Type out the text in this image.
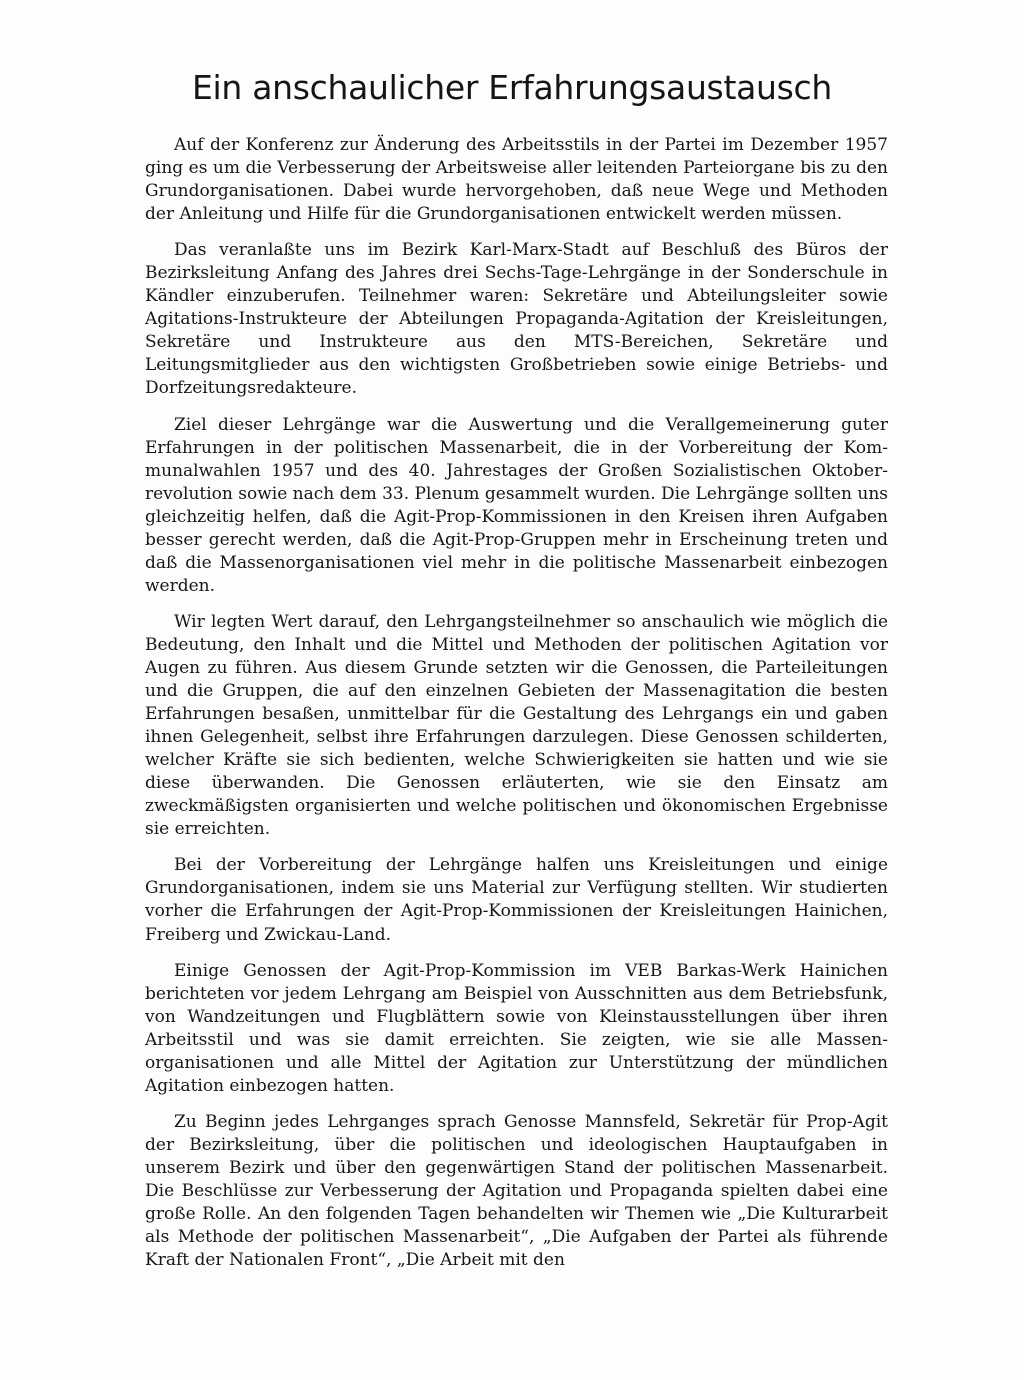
Ein anschaulicher Erfahrungsaustausch

Auf der Konferenz zur Änderung des Arbeitsstils in der Partei im Dezember 1957 ging es um die Verbesserung der Arbeitsweise aller leitenden Parteiorgane bis zu den Grundorganisationen. Dabei wurde hervorgehoben, daß neue Wege und Methoden der Anleitung und Hilfe für die Grundorganisationen entwickelt werden müssen.

Das veranlaßte uns im Bezirk Karl-Marx-Stadt auf Beschluß des Büros der Bezirksleitung Anfang des Jahres drei Sechs-Tage-Lehrgänge in der Sonderschule in Kändler einzuberufen. Teilnehmer waren: Sekretäre und Abteilungsleiter sowie Agitations-Instrukteure der Abteilungen Propaganda-Agitation der Kreisleitungen, Sekretäre und Instrukteure aus den MTS-Bereichen, Sekretäre und Leitungsmitglieder aus den wichtigsten Großbetrieben sowie einige Betriebs- und Dorfzeitungsredakteure.

Ziel dieser Lehrgänge war die Auswertung und die Verallgemeinerung guter Erfahrungen in der politischen Massenarbeit, die in der Vorbereitung der Kommunalwahlen 1957 und des 40. Jahrestages der Großen Sozialistischen Oktoberrevolution sowie nach dem 33. Plenum gesammelt wurden. Die Lehrgänge sollten uns gleichzeitig helfen, daß die Agit-Prop-Kommissionen in den Kreisen ihren Aufgaben besser gerecht werden, daß die Agit-Prop-Gruppen mehr in Erscheinung treten und daß die Massenorganisationen viel mehr in die politische Massenarbeit einbezogen werden.

Wir legten Wert darauf, den Lehrgangsteilnehmer so anschaulich wie möglich die Bedeutung, den Inhalt und die Mittel und Methoden der politischen Agitation vor Augen zu führen. Aus diesem Grunde setzten wir die Genossen, die Parteileitungen und die Gruppen, die auf den einzelnen Gebieten der Massenagitation die besten Erfahrungen besaßen, unmittelbar für die Gestaltung des Lehrgangs ein und gaben ihnen Gelegenheit, selbst ihre Erfahrungen darzulegen. Diese Genossen schilderten, welcher Kräfte sie sich bedienten, welche Schwierigkeiten sie hatten und wie sie diese überwanden. Die Genossen erläuterten, wie sie den Einsatz am zweckmäßigsten organisierten und welche politischen und ökonomischen Ergebnisse sie erreichten.

Bei der Vorbereitung der Lehrgänge halfen uns Kreisleitungen und einige Grundorganisationen, indem sie uns Material zur Verfügung stellten. Wir studierten vorher die Erfahrungen der Agit-Prop-Kommissionen der Kreisleitungen Hainichen, Freiberg und Zwickau-Land.

Einige Genossen der Agit-Prop-Kommission im VEB Barkas-Werk Hainichen berichteten vor jedem Lehrgang am Beispiel von Ausschnitten aus dem Betriebsfunk, von Wandzeitungen und Flugblättern sowie von Kleinstausstellungen über ihren Arbeitsstil und was sie damit erreichten. Sie zeigten, wie sie alle Massenorganisationen und alle Mittel der Agitation zur Unterstützung der mündlichen Agitation einbezogen hatten.

Zu Beginn jedes Lehrganges sprach Genosse Mannsfeld, Sekretär für Prop-Agit der Bezirksleitung, über die politischen und ideologischen Hauptaufgaben in unserem Bezirk und über den gegenwärtigen Stand der politischen Massenarbeit. Die Beschlüsse zur Verbesserung der Agitation und Propaganda spielten dabei eine große Rolle. An den folgenden Tagen behandelten wir Themen wie „Die Kulturarbeit als Methode der politischen Massenarbeit“, „Die Aufgaben der Partei als führende Kraft der Nationalen Front“, „Die Arbeit mit den
